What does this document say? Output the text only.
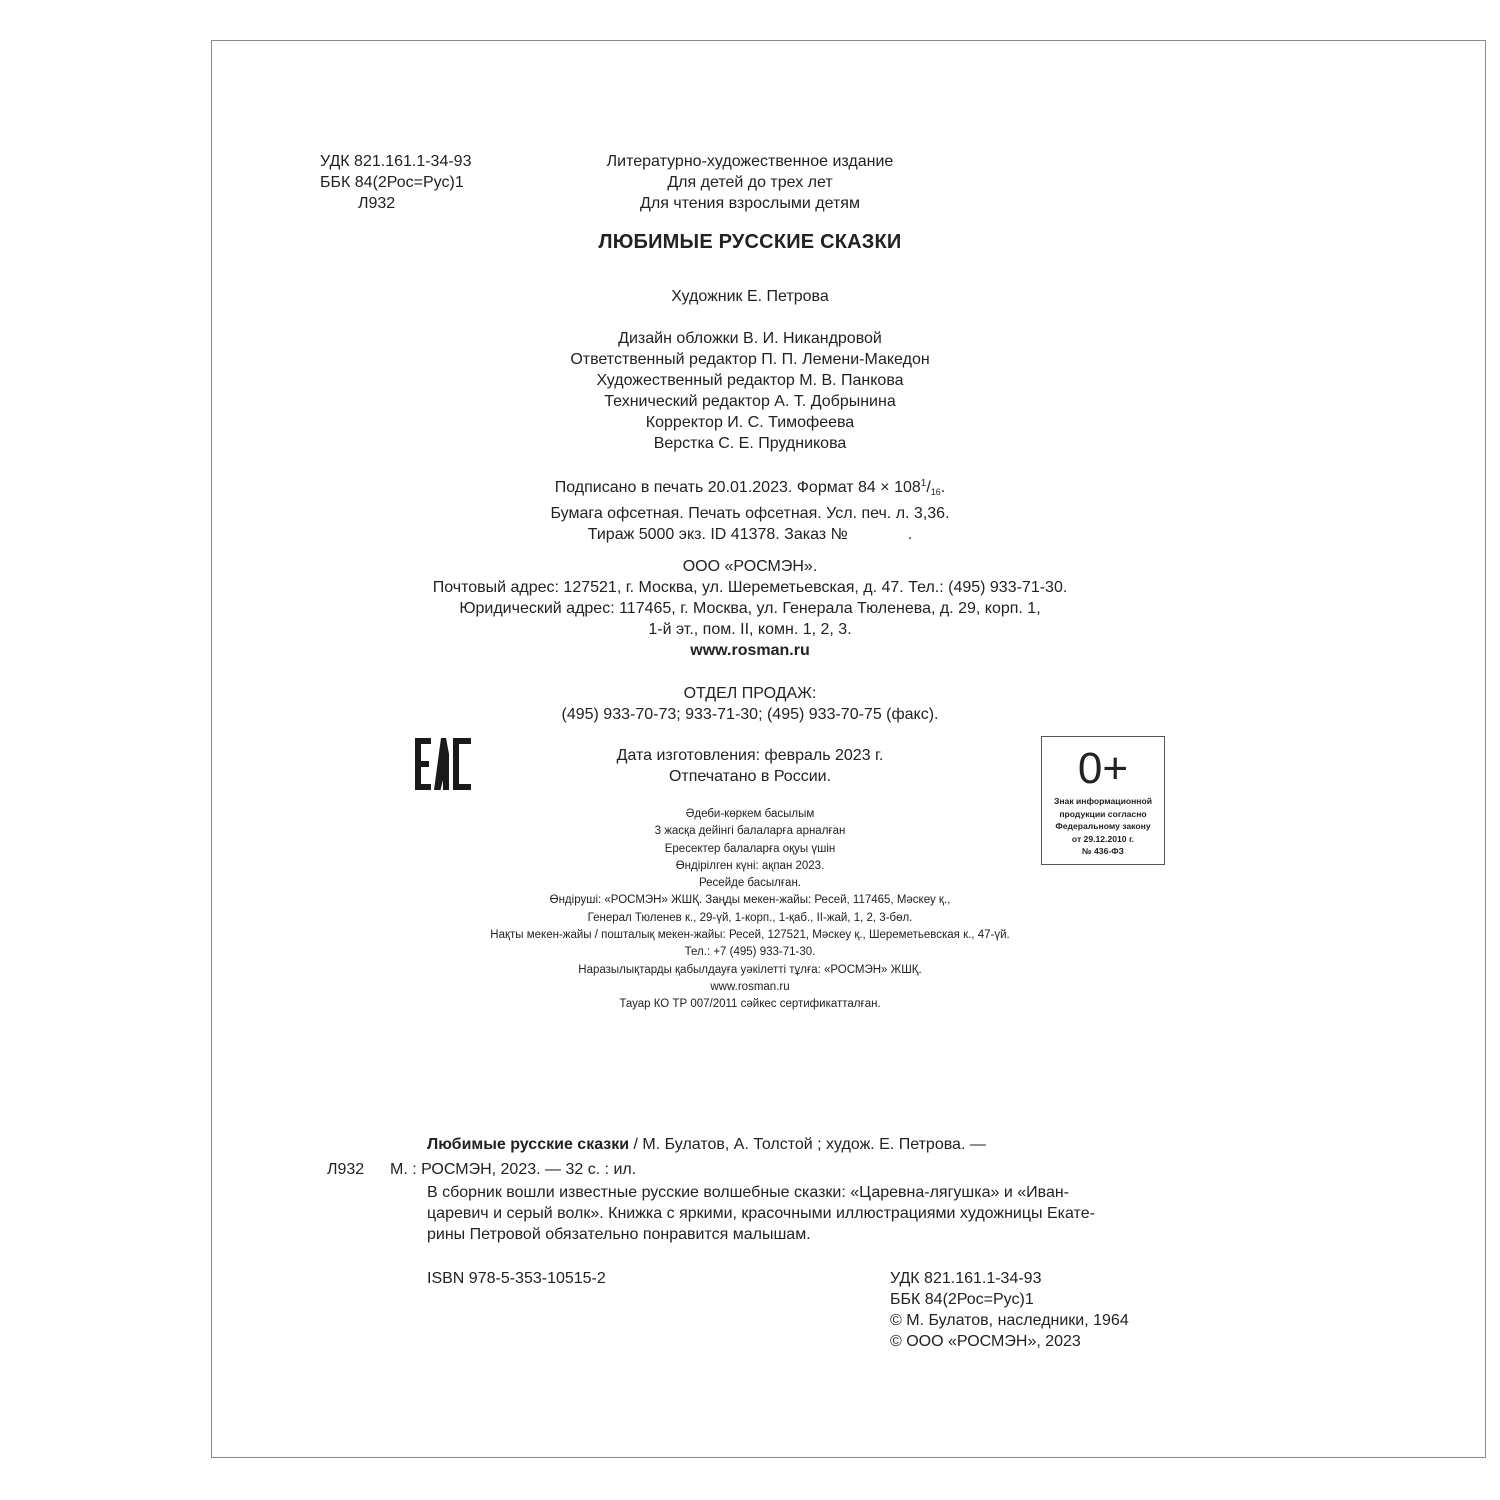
УДК 821.161.1-34-93
ББК 84(2Рос=Рус)1
Л932
Литературно-художественное издание
Для детей до трех лет
Для чтения взрослыми детям
ЛЮБИМЫЕ РУССКИЕ СКАЗКИ
Художник Е. Петрова
Дизайн обложки В. И. Никандровой
Ответственный редактор П. П. Лемени-Македон
Художественный редактор М. В. Панкова
Технический редактор А. Т. Добрынина
Корректор И. С. Тимофеева
Верстка С. Е. Прудникова
Подписано в печать 20.01.2023. Формат $84 \times 108^1/_{16}$.
Бумага офсетная. Печать офсетная. Усл. печ. л. 3,36.
Тираж 5000 экз. ID 41378. Заказ №	.
ООО «РОСМЭН».
Почтовый адрес: 127521, г. Москва, ул. Шереметьевская, д. 47. Тел.: (495) 933-71-30.
Юридический адрес: 117465, г. Москва, ул. Генерала Тюленева, д. 29, корп. 1,
1-й эт., пом. II, комн. 1, 2, 3.
www.rosman.ru
ОТДЕЛ ПРОДАЖ:
(495) 933-70-73; 933-71-30; (495) 933-70-75 (факс).
Дата изготовления: февраль 2023 г.
Отпечатано в России.	0+
Знак информационной
продукции согласно
Федеральному закону
от 29.12.2010 г.
№ 436-ФЗ
Әдеби-көркем басылым
3 жасқа дейінгі балаларға арналған
Ересектер балаларға оқуы үшін
Өндірілген күні: ақпан 2023.
Ресейде басылған.
Өндіруші: «РОСМЭН» ЖШҚ. Заңды мекен-жайы: Ресей, 117465, Мәскеу қ.,
Генерал Тюленев к., 29-үй, 1-корп., 1-қаб., II-жай, 1, 2, 3-бөл.
Нақты мекен-жайы / пошталық мекен-жайы: Ресей, 127521, Мәскеу қ., Шереметьевская к., 47-үй.
Тел.: +7 (495) 933-71-30.
Наразылықтарды қабылдауға уәкілетті тұлға: «РОСМЭН» ЖШҚ.
www.rosman.ru
Тауар КО ТР 007/2011 сәйкес сертификатталған.
Любимые русские сказки / М. Булатов, А. Толстой ; худож. Е. Петрова. —
Л932 М. : РОСМЭН, 2023. — 32 с. : ил.
В сборник вошли известные русские волшебные сказки: «Царевна-лягушка» и «Иван-
царевич и серый волк». Книжка с яркими, красочными иллюстрациями художницы Екате-
рины Петровой обязательно понравится малышам.
ISBN 978-5-353-10515-2	УДК 821.161.1-34-93
ББК 84(2Рос=Рус)1
© М. Булатов, наследники, 1964
© ООО «РОСМЭН», 2023
